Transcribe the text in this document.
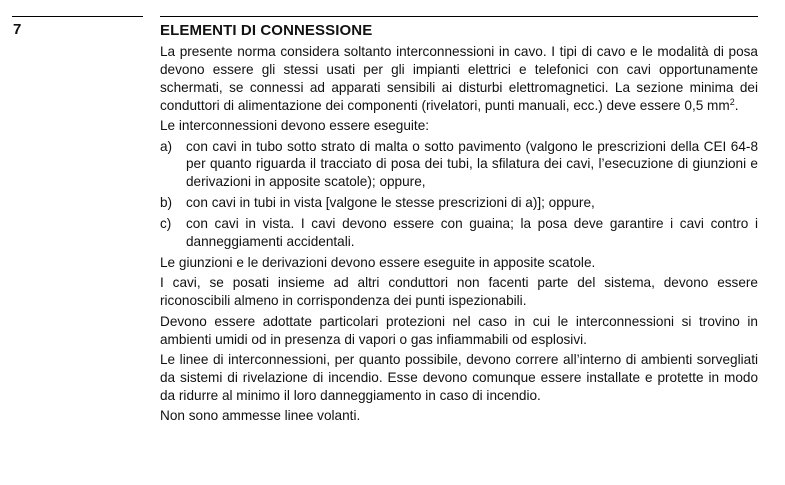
7	ELEMENTI DI CONNESSIONE

La presente norma considera soltanto interconnessioni in cavo. I tipi di cavo e le modalità di posa devono essere gli stessi usati per gli impianti elettrici e telefonici con cavi opportunamente schermati, se connessi ad apparati sensibili ai disturbi elettromagnetici. La sezione minima dei conduttori di alimentazione dei componenti (rivelatori, punti manuali, ecc.) deve essere 0,5 $mm^2$.

Le interconnessioni devono essere eseguite:

a)	con cavi in tubo sotto strato di malta o sotto pavimento (valgono le prescrizioni della CEI 64-8 per quanto riguarda il tracciato di posa dei tubi, la sfilatura dei cavi, l’esecuzione di giunzioni e derivazioni in apposite scatole); oppure,
b)	con cavi in tubi in vista [valgone le stesse prescrizioni di a)]; oppure,
c)	con cavi in vista. I cavi devono essere con guaina; la posa deve garantire i cavi contro i danneggiamenti accidentali.

Le giunzioni e le derivazioni devono essere eseguite in apposite scatole.

I cavi, se posati insieme ad altri conduttori non facenti parte del sistema, devono essere riconoscibili almeno in corrispondenza dei punti ispezionabili.

Devono essere adottate particolari protezioni nel caso in cui le interconnessioni si trovino in ambienti umidi od in presenza di vapori o gas infiammabili od esplosivi.

Le linee di interconnessioni, per quanto possibile, devono correre all’interno di ambienti sorvegliati da sistemi di rivelazione di incendio. Esse devono comunque essere installate e protette in modo da ridurre al minimo il loro danneggiamento in caso di incendio.

Non sono ammesse linee volanti.
